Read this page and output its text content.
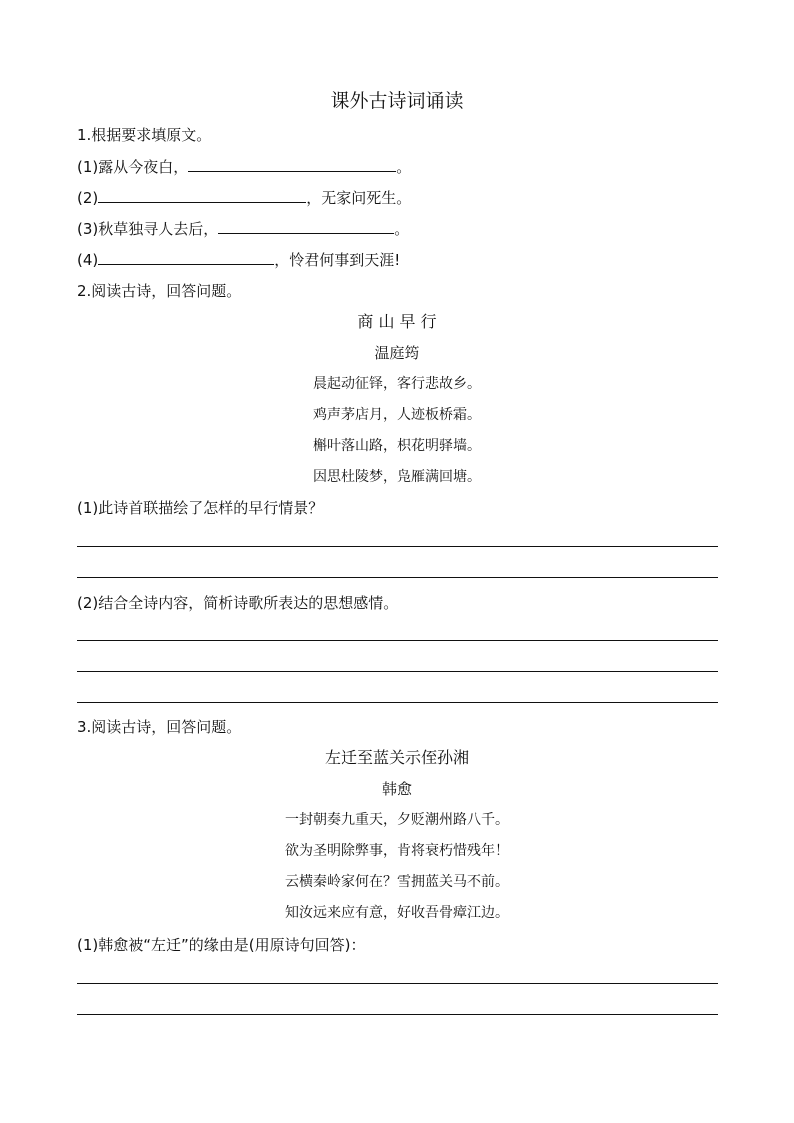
课外古诗词诵读
1.根据要求填原文。
(1)露从今夜白，	。
(2)	，无家问死生。
(3)秋草独寻人去后，	。
(4)	，怜君何事到天涯!
2.阅读古诗，回答问题。
商 山 早 行
温庭筠
晨起动征铎，客行悲故乡。
鸡声茅店月，人迹板桥霜。
槲叶落山路，枳花明驿墙。
因思杜陵梦，凫雁满回塘。
(1)此诗首联描绘了怎样的早行情景？
(2)结合全诗内容，简析诗歌所表达的思想感情。
3.阅读古诗，回答问题。
左迁至蓝关示侄孙湘
韩愈
一封朝奏九重天，夕贬潮州路八千。
欲为圣明除弊事，肯将衰朽惜残年！
云横秦岭家何在？雪拥蓝关马不前。
知汝远来应有意，好收吾骨瘴江边。
(1)韩愈被“左迁”的缘由是(用原诗句回答)：
